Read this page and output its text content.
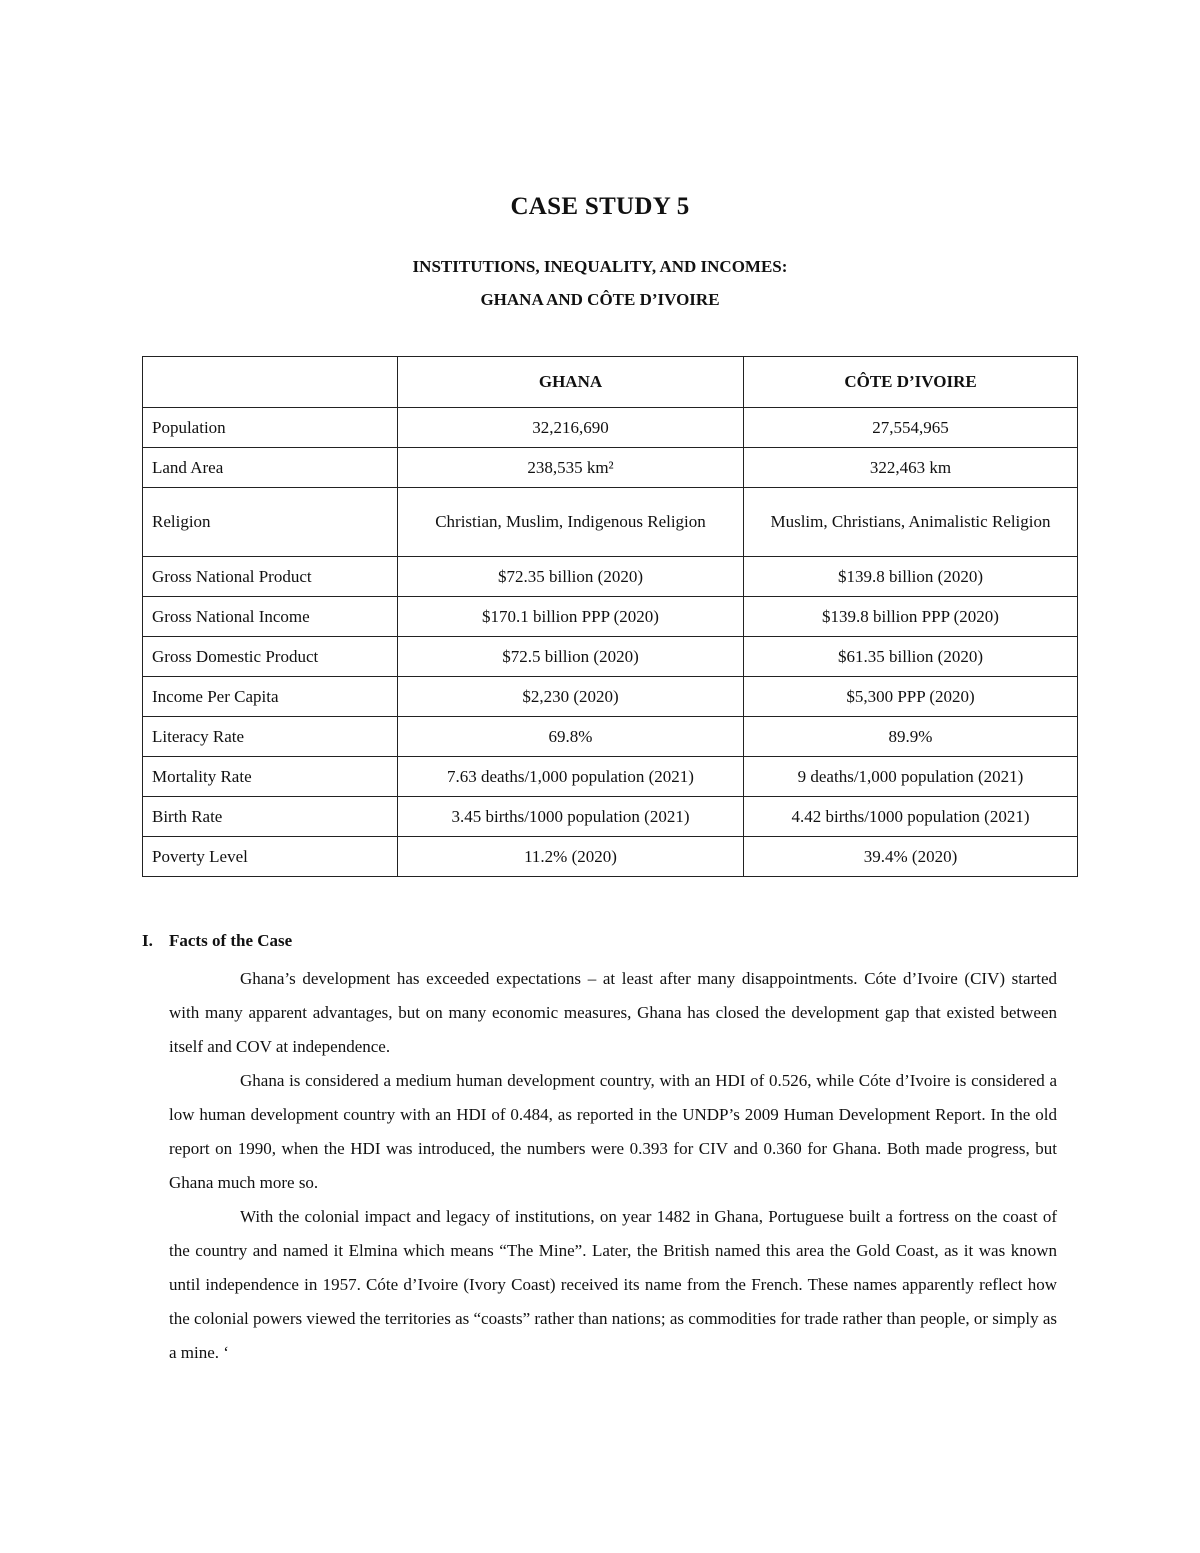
CASE STUDY 5
INSTITUTIONS, INEQUALITY, AND INCOMES:
GHANA AND CÔTE D’IVOIRE
	GHANA	CÔTE D’IVOIRE
Population	32,216,690	27,554,965
Land Area	238,535 km²	322,463 km
Religion	Christian, Muslim, Indigenous Religion	Muslim, Christians, Animalistic Religion
Gross National Product	$72.35 billion (2020)	$139.8 billion (2020)
Gross National Income	$170.1 billion PPP (2020)	$139.8 billion PPP (2020)
Gross Domestic Product	$72.5 billion (2020)	$61.35 billion (2020)
Income Per Capita	$2,230 (2020)	$5,300 PPP (2020)
Literacy Rate	69.8%	89.9%
Mortality Rate	7.63 deaths/1,000 population (2021)	9 deaths/1,000 population (2021)
Birth Rate	3.45 births/1000 population (2021)	4.42 births/1000 population (2021)
Poverty Level	11.2% (2020)	39.4% (2020)
I. Facts of the Case

Ghana’s development has exceeded expectations – at least after many disappointments. Cóte d’Ivoire (CIV) started with many apparent advantages, but on many economic measures, Ghana has closed the development gap that existed between itself and COV at independence.

Ghana is considered a medium human development country, with an HDI of 0.526, while Cóte d’Ivoire is considered a low human development country with an HDI of 0.484, as reported in the UNDP’s 2009 Human Development Report. In the old report on 1990, when the HDI was introduced, the numbers were 0.393 for CIV and 0.360 for Ghana. Both made progress, but Ghana much more so.

With the colonial impact and legacy of institutions, on year 1482 in Ghana, Portuguese built a fortress on the coast of the country and named it Elmina which means “The Mine”. Later, the British named this area the Gold Coast, as it was known until independence in 1957. Cóte d’Ivoire (Ivory Coast) received its name from the French. These names apparently reflect how the colonial powers viewed the territories as “coasts” rather than nations; as commodities for trade rather than people, or simply as a mine. ‘
